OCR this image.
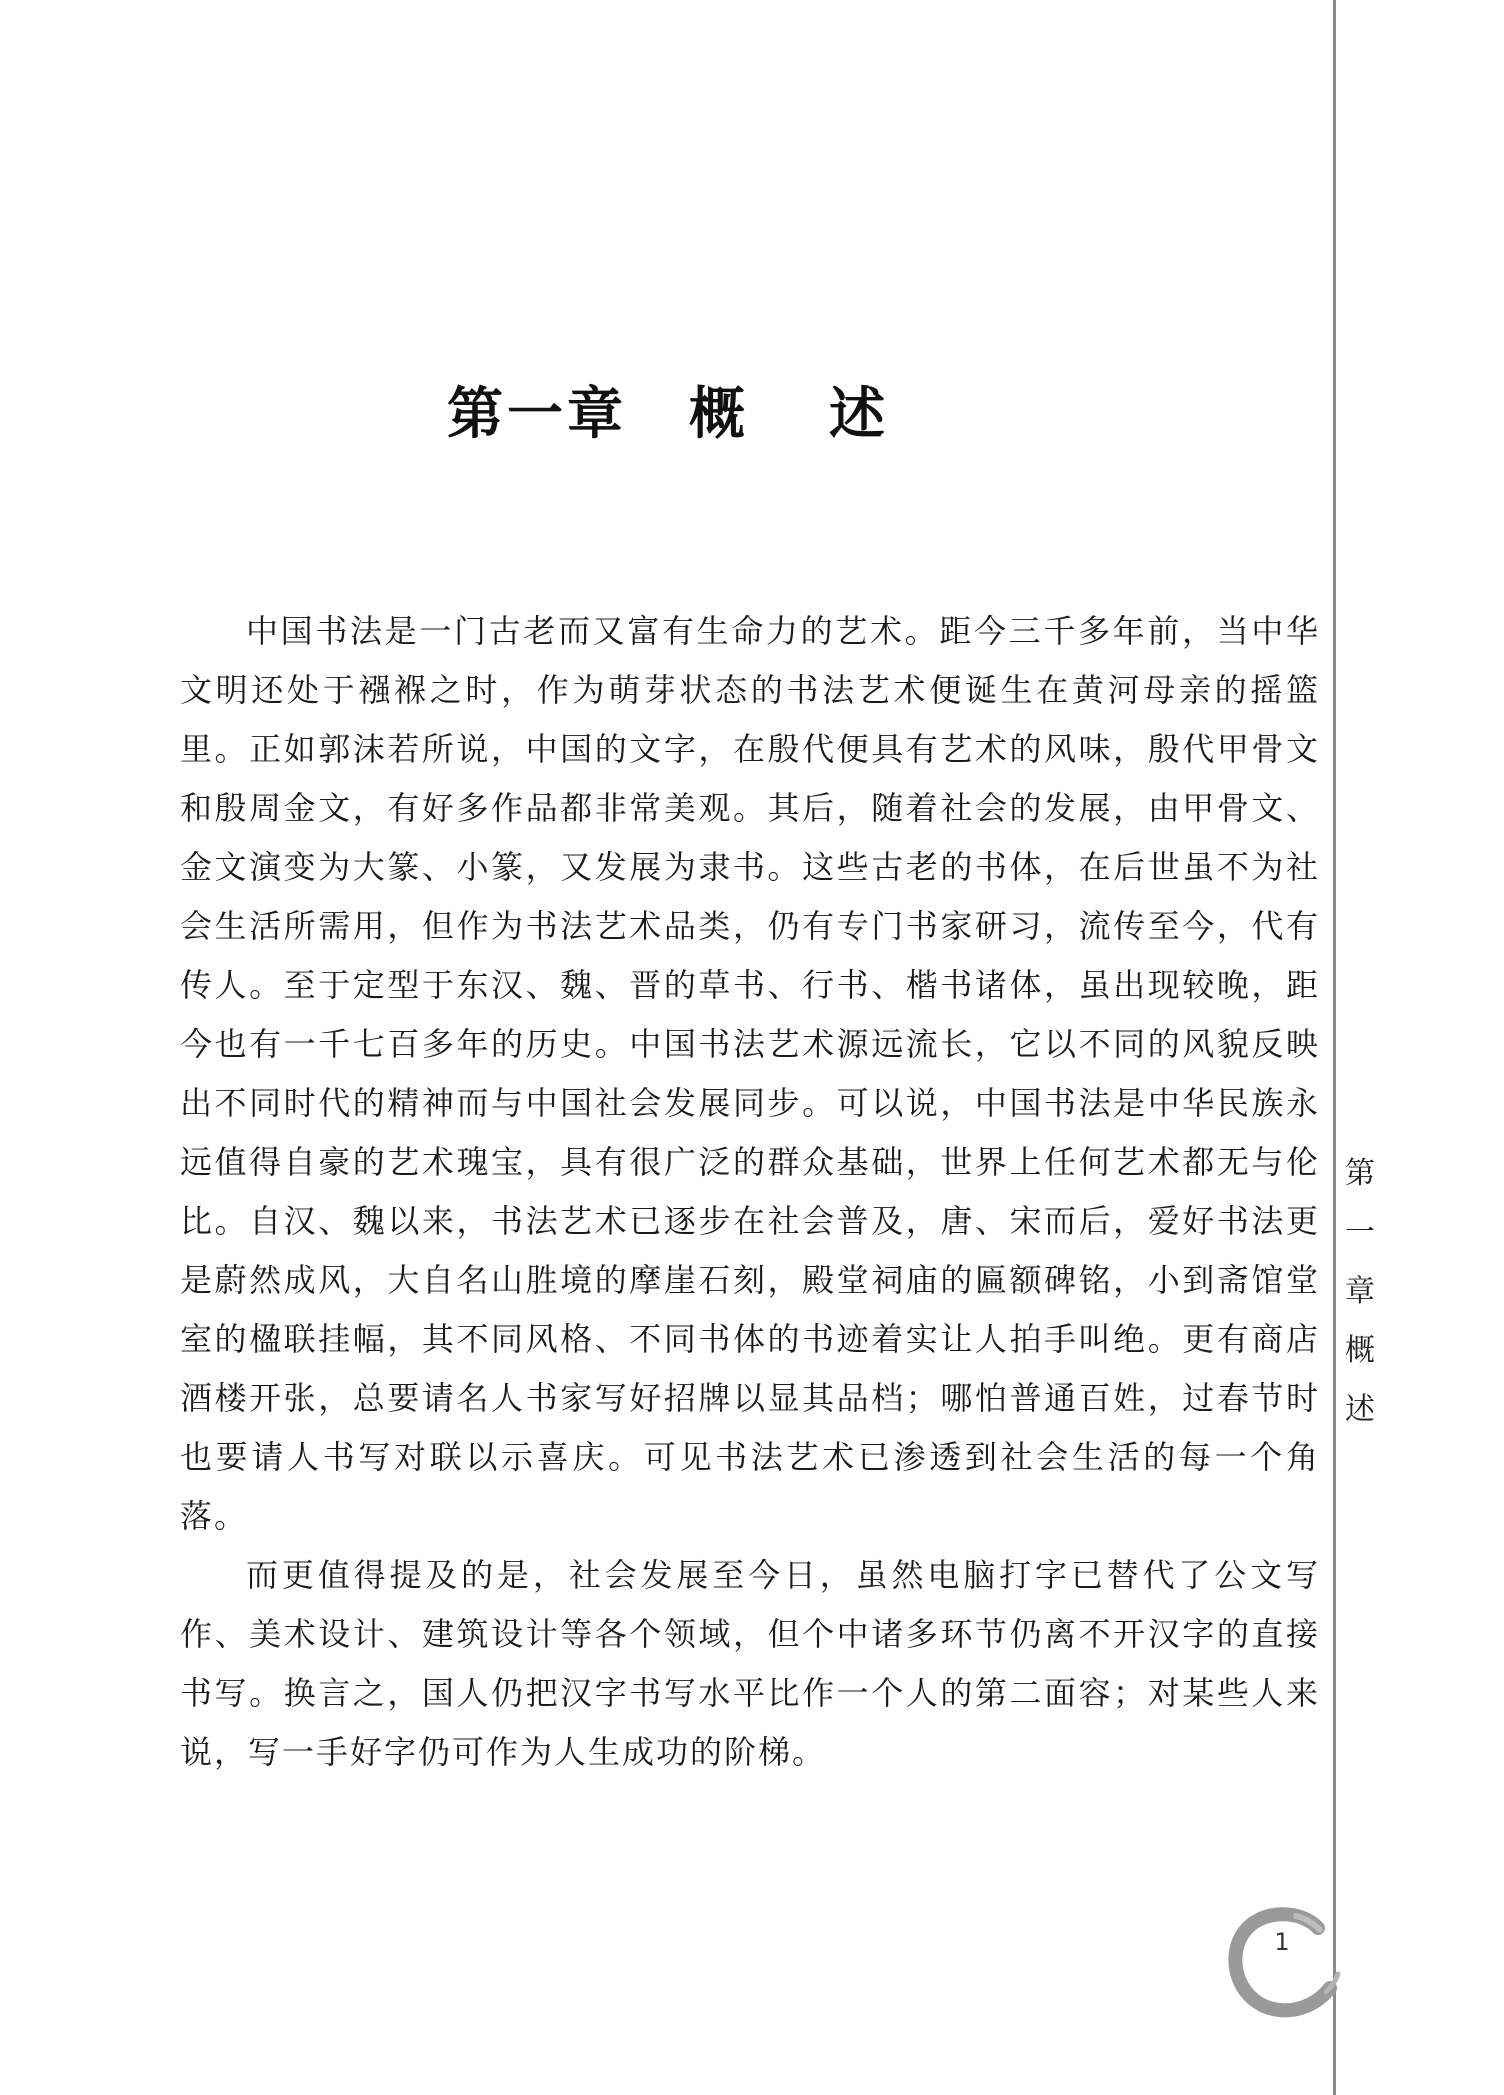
第一章 概 述

中国书法是一门古老而又富有生命力的艺术。距今三千多年前，当中华文明还处于襁褓之时，作为萌芽状态的书法艺术便诞生在黄河母亲的摇篮里。正如郭沫若所说，中国的文字，在殷代便具有艺术的风味，殷代甲骨文和殷周金文，有好多作品都非常美观。其后，随着社会的发展，由甲骨文、金文演变为大篆、小篆，又发展为隶书。这些古老的书体，在后世虽不为社会生活所需用，但作为书法艺术品类，仍有专门书家研习，流传至今，代有传人。至于定型于东汉、魏、晋的草书、行书、楷书诸体，虽出现较晚，距今也有一千七百多年的历史。中国书法艺术源远流长，它以不同的风貌反映出不同时代的精神而与中国社会发展同步。可以说，中国书法是中华民族永远值得自豪的艺术瑰宝，具有很广泛的群众基础，世界上任何艺术都无与伦比。自汉、魏以来，书法艺术已逐步在社会普及，唐、宋而后，爱好书法更是蔚然成风，大自名山胜境的摩崖石刻，殿堂祠庙的匾额碑铭，小到斋馆堂室的楹联挂幅，其不同风格、不同书体的书迹着实让人拍手叫绝。更有商店酒楼开张，总要请名人书家写好招牌以显其品档；哪怕普通百姓，过春节时也要请人书写对联以示喜庆。可见书法艺术已渗透到社会生活的每一个角落。

而更值得提及的是，社会发展至今日，虽然电脑打字已替代了公文写作、美术设计、建筑设计等各个领域，但个中诸多环节仍离不开汉字的直接书写。换言之，国人仍把汉字书写水平比作一个人的第二面容；对某些人来说，写一手好字仍可作为人生成功的阶梯。

第
一
章
概
述
1
